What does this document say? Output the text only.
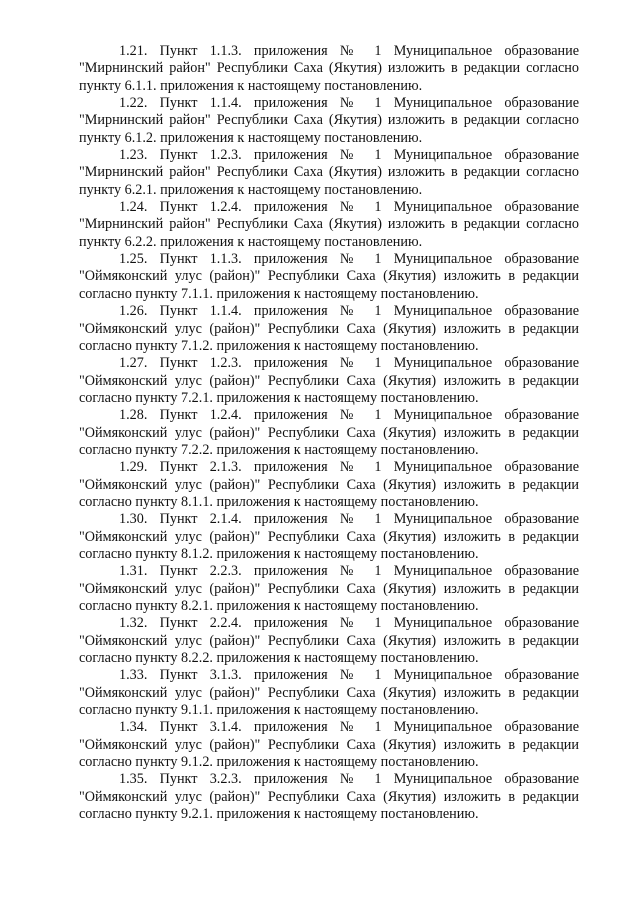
1.21. Пункт 1.1.3. приложения № 1 Муниципальное образование "Мирнинский район" Республики Саха (Якутия) изложить в редакции согласно пункту 6.1.1. приложения к настоящему постановлению.

1.22. Пункт 1.1.4. приложения № 1 Муниципальное образование "Мирнинский район" Республики Саха (Якутия) изложить в редакции согласно пункту 6.1.2. приложения к настоящему постановлению.

1.23. Пункт 1.2.3. приложения № 1 Муниципальное образование "Мирнинский район" Республики Саха (Якутия) изложить в редакции согласно пункту 6.2.1. приложения к настоящему постановлению.

1.24. Пункт 1.2.4. приложения № 1 Муниципальное образование "Мирнинский район" Республики Саха (Якутия) изложить в редакции согласно пункту 6.2.2. приложения к настоящему постановлению.

1.25. Пункт 1.1.3. приложения № 1 Муниципальное образование "Оймяконский улус (район)" Республики Саха (Якутия) изложить в редакции согласно пункту 7.1.1. приложения к настоящему постановлению.

1.26. Пункт 1.1.4. приложения № 1 Муниципальное образование "Оймяконский улус (район)" Республики Саха (Якутия) изложить в редакции согласно пункту 7.1.2. приложения к настоящему постановлению.

1.27. Пункт 1.2.3. приложения № 1 Муниципальное образование "Оймяконский улус (район)" Республики Саха (Якутия) изложить в редакции согласно пункту 7.2.1. приложения к настоящему постановлению.

1.28. Пункт 1.2.4. приложения № 1 Муниципальное образование "Оймяконский улус (район)" Республики Саха (Якутия) изложить в редакции согласно пункту 7.2.2. приложения к настоящему постановлению.

1.29. Пункт 2.1.3. приложения № 1 Муниципальное образование "Оймяконский улус (район)" Республики Саха (Якутия) изложить в редакции согласно пункту 8.1.1. приложения к настоящему постановлению.

1.30. Пункт 2.1.4. приложения № 1 Муниципальное образование "Оймяконский улус (район)" Республики Саха (Якутия) изложить в редакции согласно пункту 8.1.2. приложения к настоящему постановлению.

1.31. Пункт 2.2.3. приложения № 1 Муниципальное образование "Оймяконский улус (район)" Республики Саха (Якутия) изложить в редакции согласно пункту 8.2.1. приложения к настоящему постановлению.

1.32. Пункт 2.2.4. приложения № 1 Муниципальное образование "Оймяконский улус (район)" Республики Саха (Якутия) изложить в редакции согласно пункту 8.2.2. приложения к настоящему постановлению.

1.33. Пункт 3.1.3. приложения № 1 Муниципальное образование "Оймяконский улус (район)" Республики Саха (Якутия) изложить в редакции согласно пункту 9.1.1. приложения к настоящему постановлению.

1.34. Пункт 3.1.4. приложения № 1 Муниципальное образование "Оймяконский улус (район)" Республики Саха (Якутия) изложить в редакции согласно пункту 9.1.2. приложения к настоящему постановлению.

1.35. Пункт 3.2.3. приложения № 1 Муниципальное образование "Оймяконский улус (район)" Республики Саха (Якутия) изложить в редакции согласно пункту 9.2.1. приложения к настоящему постановлению.
